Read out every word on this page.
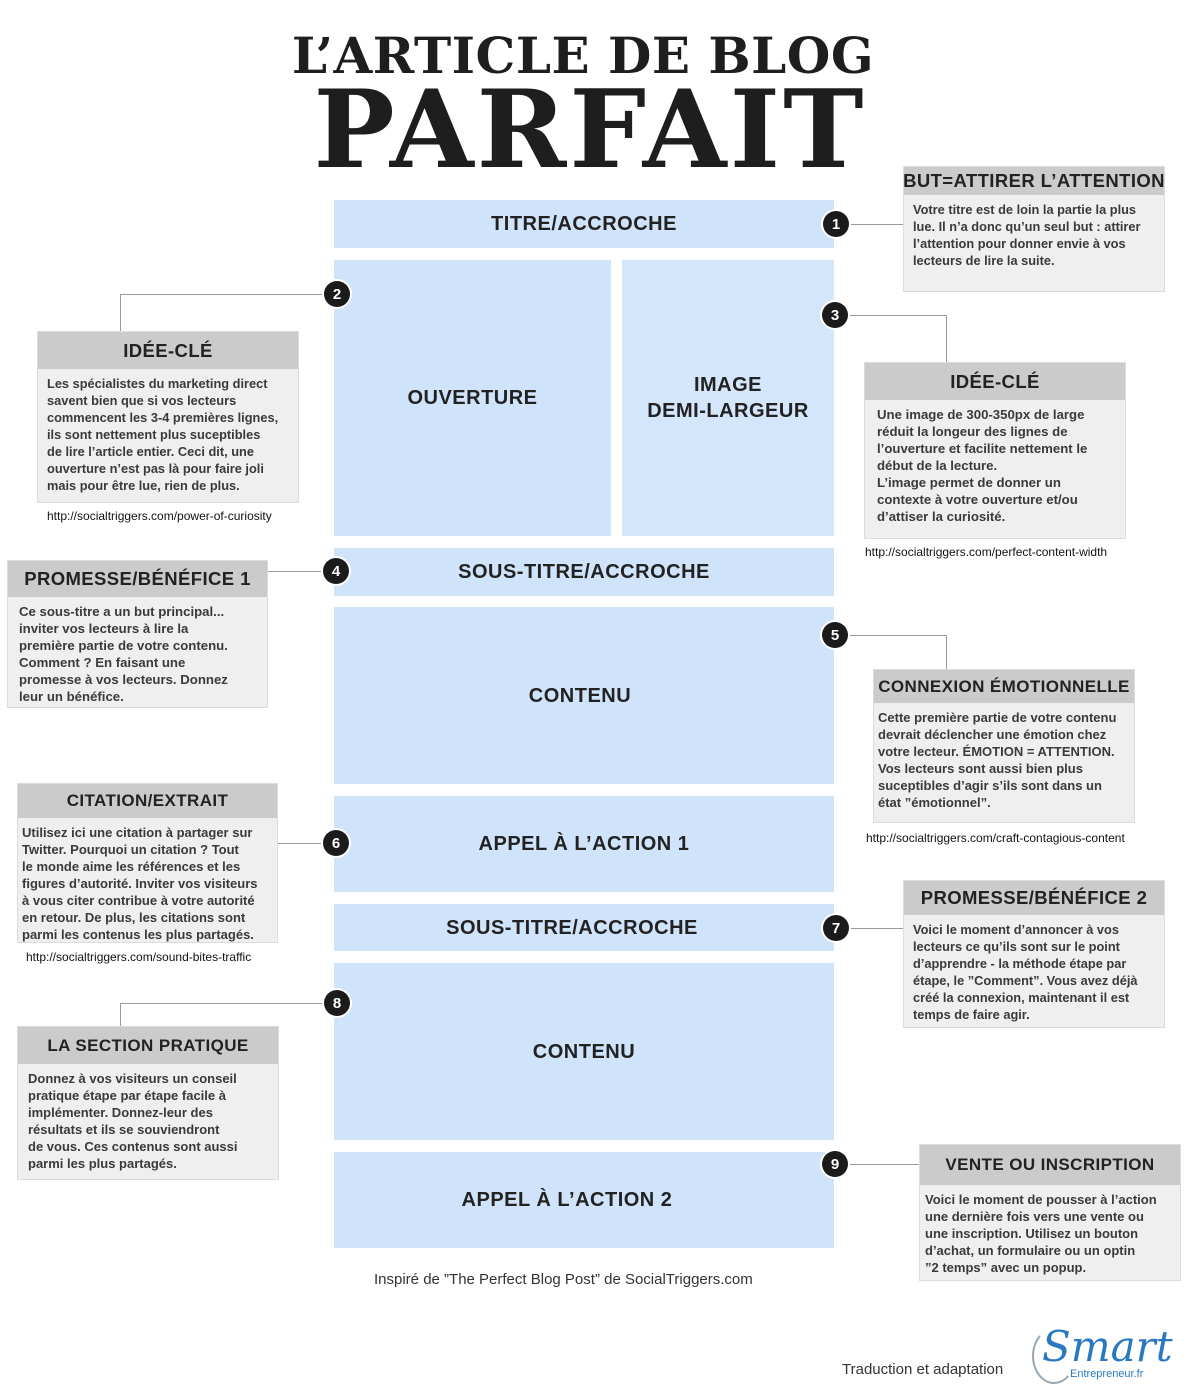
L’ARTICLE DE BLOG
PARFAIT
TITRE/ACCROCHE
OUVERTURE
IMAGE
DEMI-LARGEUR
SOUS-TITRE/ACCROCHE
CONTENU
APPEL À L’ACTION 1
SOUS-TITRE/ACCROCHE
CONTENU
APPEL À L’ACTION 2
1
2
3
4
5
6
7
8
9
BUT=ATTIRER L’ATTENTION
Votre titre est de loin la partie la plus
lue. Il n’a donc qu’un seul but : attirer
l’attention pour donner envie à vos
lecteurs de lire la suite.
IDÉE-CLÉ
Les spécialistes du marketing direct
savent bien que si vos lecteurs
commencent les 3-4 premières lignes,
ils sont nettement plus suceptibles
de lire l’article entier. Ceci dit, une
ouverture n’est pas là pour faire joli
mais pour être lue, rien de plus.
http://socialtriggers.com/power-of-curiosity
IDÉE-CLÉ
Une image de 300-350px de large
réduit la longeur des lignes de
l’ouverture et facilite nettement le
début de la lecture.
L’image permet de donner un
contexte à votre ouverture et/ou
d’attiser la curiosité.
http://socialtriggers.com/perfect-content-width
PROMESSE/BÉNÉFICE 1
Ce sous-titre a un but principal...
inviter vos lecteurs à lire la
première partie de votre contenu.
Comment ? En faisant une
promesse à vos lecteurs. Donnez
leur un bénéfice.
CONNEXION ÉMOTIONNELLE
Cette première partie de votre contenu
devrait déclencher une émotion chez
votre lecteur. ÉMOTION = ATTENTION.
Vos lecteurs sont aussi bien plus
suceptibles d’agir s’ils sont dans un
état ”émotionnel”.
http://socialtriggers.com/craft-contagious-content
CITATION/EXTRAIT
Utilisez ici une citation à partager sur
Twitter. Pourquoi un citation ? Tout
le monde aime les références et les
figures d’autorité. Inviter vos visiteurs
à vous citer contribue à votre autorité
en retour. De plus, les citations sont
parmi les contenus les plus partagés.
http://socialtriggers.com/sound-bites-traffic
PROMESSE/BÉNÉFICE 2
Voici le moment d’annoncer à vos
lecteurs ce qu’ils sont sur le point
d’apprendre - la méthode étape par
étape, le ”Comment”. Vous avez déjà
créé la connexion, maintenant il est
temps de faire agir.
LA SECTION PRATIQUE
Donnez à vos visiteurs un conseil
pratique étape par étape facile à
implémenter. Donnez-leur des
résultats et ils se souviendront
de vous. Ces contenus sont aussi
parmi les plus partagés.	VENTE OU INSCRIPTION
Voici le moment de pousser à l’action
une dernière fois vers une vente ou
une inscription. Utilisez un bouton
d’achat, un formulaire ou un optin
”2 temps” avec un popup.
Inspiré de ”The Perfect Blog Post” de SocialTriggers.com
Traduction et adaptation Smart
Entrepreneur.fr
